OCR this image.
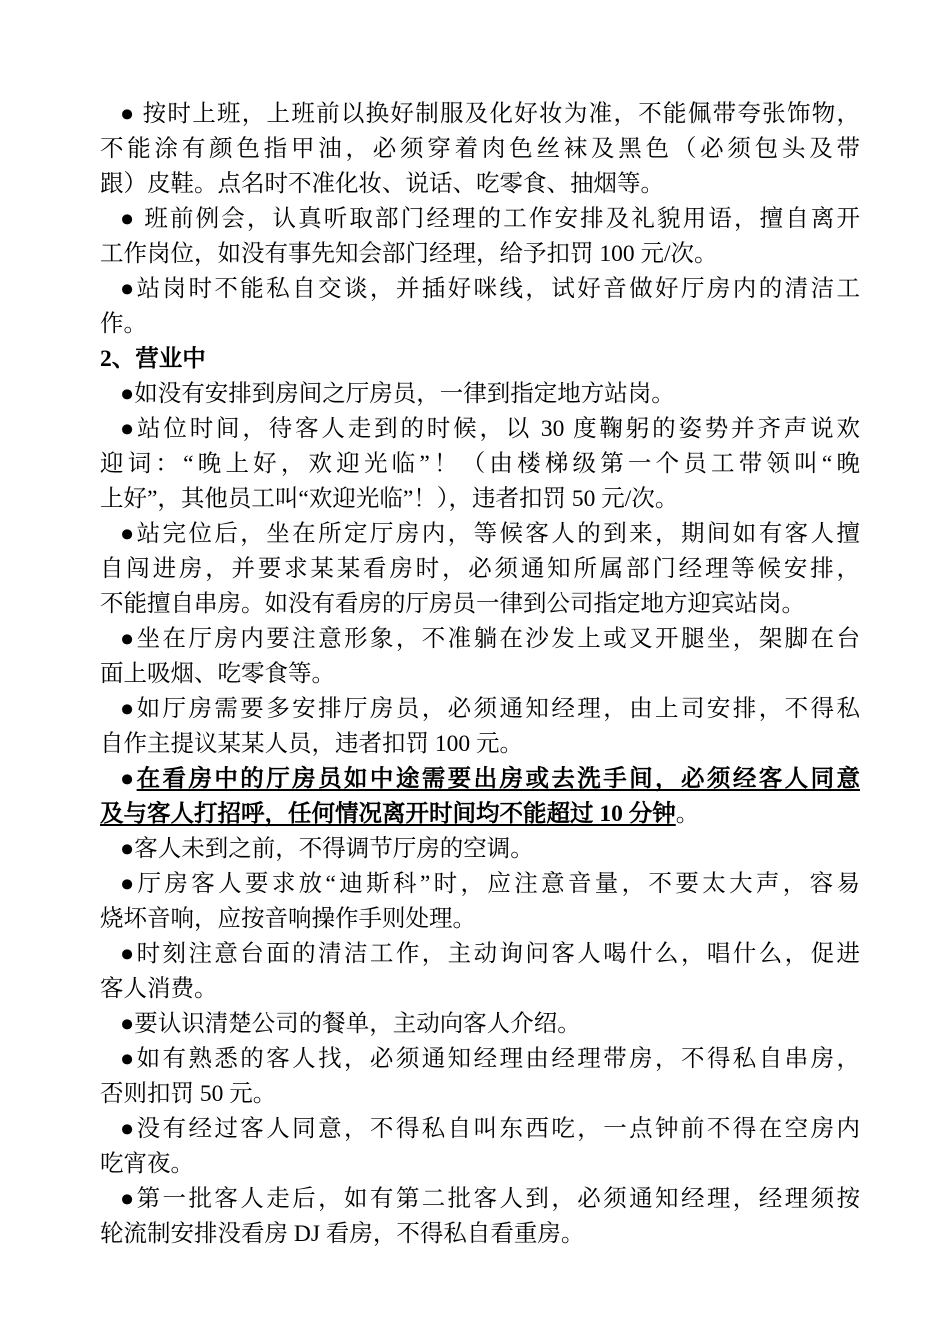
● 按时上班，上班前以换好制服及化好妆为准，不能佩带夸张饰物，
不能涂有颜色指甲油，必须穿着肉色丝袜及黑色（必须包头及带
跟）皮鞋。点名时不准化妆、说话、吃零食、抽烟等。
● 班前例会，认真听取部门经理的工作安排及礼貌用语，擅自离开
工作岗位，如没有事先知会部门经理，给予扣罚 100 元/次。
●站岗时不能私自交谈，并插好咪线，试好音做好厅房内的清洁工
作。
2、营业中
●如没有安排到房间之厅房员，一律到指定地方站岗。
●站位时间，待客人走到的时候，以 30 度鞠躬的姿势并齐声说欢
迎词：“晚上好，欢迎光临”！（由楼梯级第一个员工带领叫“晚
上好”，其他员工叫“欢迎光临”！），违者扣罚 50 元/次。
●站完位后，坐在所定厅房内，等候客人的到来，期间如有客人擅
自闯进房，并要求某某看房时，必须通知所属部门经理等候安排，
不能擅自串房。如没有看房的厅房员一律到公司指定地方迎宾站岗。
●坐在厅房内要注意形象，不准躺在沙发上或叉开腿坐，架脚在台
面上吸烟、吃零食等。
●如厅房需要多安排厅房员，必须通知经理，由上司安排，不得私
自作主提议某某人员，违者扣罚 100 元。
●在看房中的厅房员如中途需要出房或去洗手间，必须经客人同意
及与客人打招呼，任何情况离开时间均不能超过 10 分钟。
●客人未到之前，不得调节厅房的空调。
●厅房客人要求放“迪斯科”时，应注意音量，不要太大声，容易
烧坏音响，应按音响操作手则处理。
●时刻注意台面的清洁工作，主动询问客人喝什么，唱什么，促进
客人消费。
●要认识清楚公司的餐单，主动向客人介绍。
●如有熟悉的客人找，必须通知经理由经理带房，不得私自串房，
否则扣罚 50 元。
●没有经过客人同意，不得私自叫东西吃，一点钟前不得在空房内
吃宵夜。
●第一批客人走后，如有第二批客人到，必须通知经理，经理须按
轮流制安排没看房 DJ 看房，不得私自看重房。
